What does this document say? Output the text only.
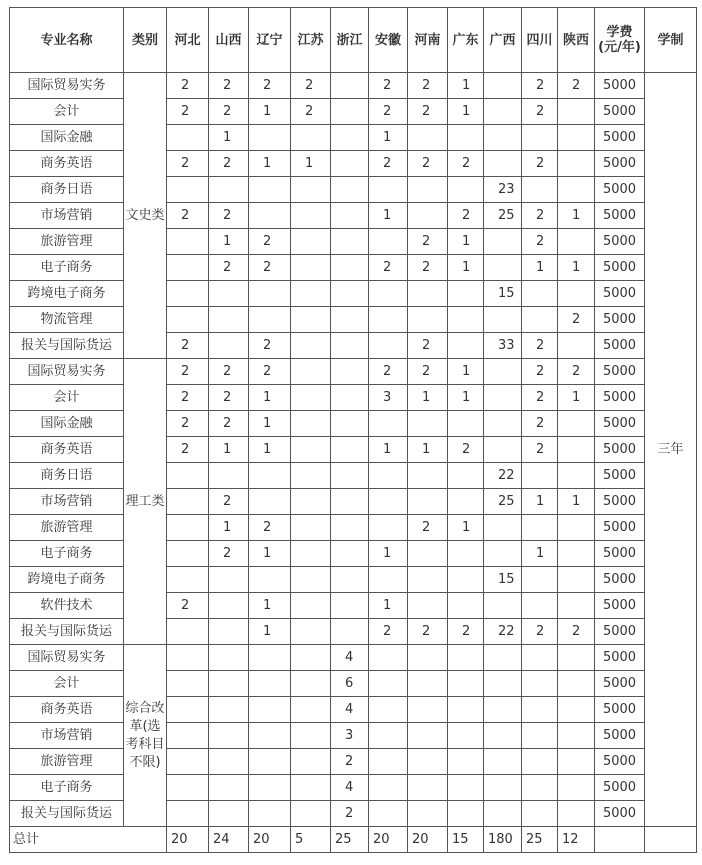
专业名称	类别	河北	山西	辽宁	江苏	浙江	安徽	河南	广东	广西	四川	陕西	学费(元/年)	学制
国际贸易实务	文史类	2	2	2	2		2	2	1		2	2	5000	三年
会计		2	2	1	2		2	2	1		2		5000	
国际金融			1				1						5000	
商务英语		2	2	1	1		2	2	2		2		5000	
商务日语										23			5000	
市场营销		2	2				1		2	25	2	1	5000	
旅游管理			1	2				2	1		2		5000	
电子商务			2	2			2	2	1		1	1	5000	
跨境电子商务										15			5000	
物流管理												2	5000	
报关与国际货运		2		2				2		33	2		5000	
国际贸易实务	理工类	2	2	2			2	2	1		2	2	5000	
会计		2	2	1			3	1	1		2	1	5000	
国际金融		2	2	1							2		5000	
商务英语		2	1	1			1	1	2		2		5000	
商务日语										22			5000	
市场营销			2							25	1	1	5000	
旅游管理			1	2				2	1				5000	
电子商务			2	1			1				1		5000	
跨境电子商务										15			5000	
软件技术		2		1			1						5000	
报关与国际货运				1			2	2	2	22	2	2	5000	
国际贸易实务	综合改革(选考科目不限)					4							5000	
会计						6							5000	
商务英语						4							5000	
市场营销						3							5000	
旅游管理						2							5000	
电子商务						4							5000	
报关与国际货运						2							5000	
总计		20	24	20	5	25	20	20	15	180	25	12		
